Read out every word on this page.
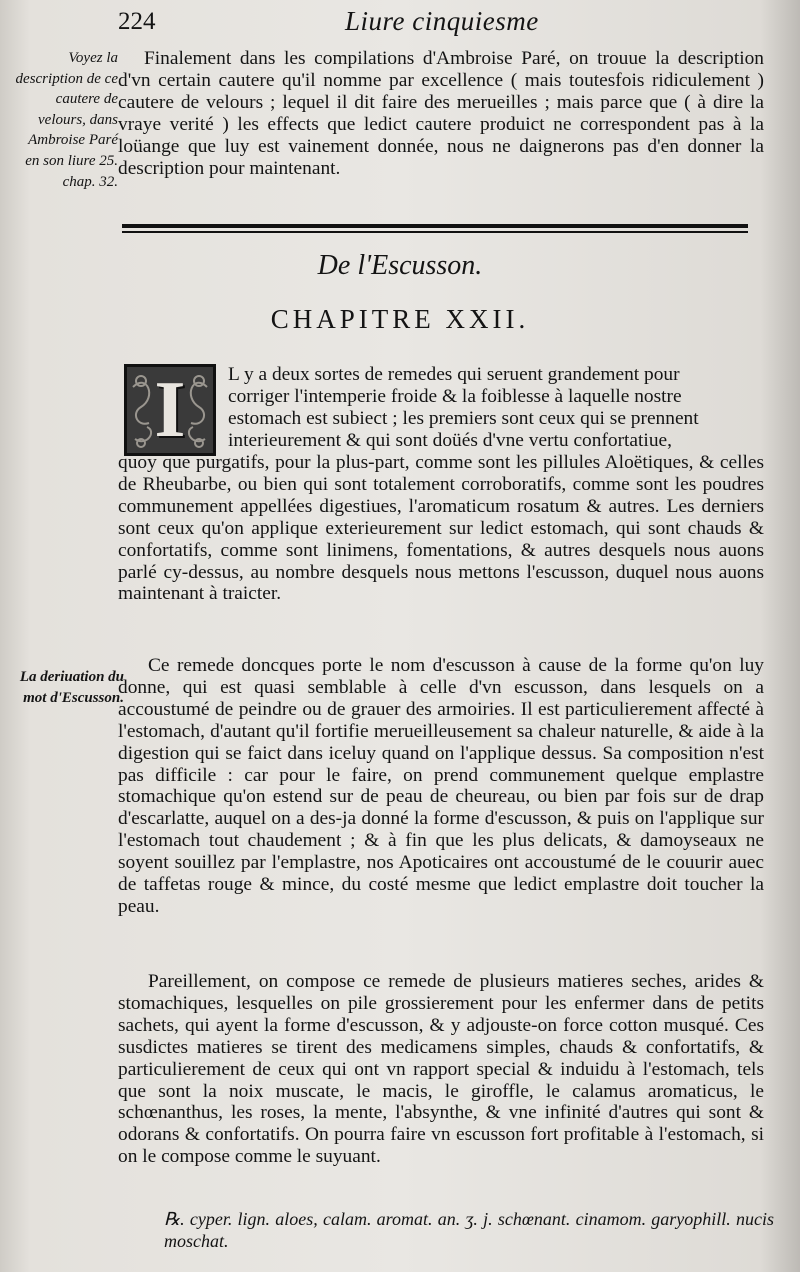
224	Liure cinquiesme
Voyez la description de ce cautere de velours, dans Ambroise Paré en son liure 25. chap. 32.
La deriuation du mot d'Escusson.
Finalement dans les compilations d'Ambroise Paré, on trouue la description d'vn certain cautere qu'il nomme par excellence ( mais toutesfois ridiculement ) cautere de velours ; lequel il dit faire des merueilles ; mais parce que ( à dire la vraye verité ) les effects que ledict cautere produict ne correspondent pas à la loüange que luy est vainement donnée, nous ne daignerons pas d'en donner la description pour maintenant.
De l'Escusson.
CHAPITRE XXII.
I L y a deux sortes de remedes qui seruent grandement pour
corriger l'intemperie froide & la foiblesse à laquelle nostre
estomach est subiect ; les premiers sont ceux qui se prennent
interieurement & qui sont doüés d'vne vertu confortatiue,
quoy que purgatifs, pour la plus-part, comme sont les pillules Aloëtiques, & celles de Rheubarbe, ou bien qui sont totalement corroboratifs, comme sont les poudres communement appellées digestiues, l'aromaticum rosatum & autres. Les derniers sont ceux qu'on applique exterieurement sur ledict estomach, qui sont chauds & confortatifs, comme sont linimens, fomentations, & autres desquels nous auons parlé cy-dessus, au nombre desquels nous mettons l'escusson, duquel nous auons maintenant à traicter.
Ce remede doncques porte le nom d'escusson à cause de la forme qu'on luy donne, qui est quasi semblable à celle d'vn escusson, dans lesquels on a accoustumé de peindre ou de grauer des armoiries. Il est particulierement affecté à l'estomach, d'autant qu'il fortifie merueilleusement sa chaleur naturelle, & aide à la digestion qui se faict dans iceluy quand on l'applique dessus. Sa composition n'est pas difficile : car pour le faire, on prend communement quelque emplastre stomachique qu'on estend sur de peau de cheureau, ou bien par fois sur de drap d'escarlatte, auquel on a des-ja donné la forme d'escusson, & puis on l'applique sur l'estomach tout chaudement ; & à fin que les plus delicats, & damoyseaux ne soyent souillez par l'emplastre, nos Apoticaires ont accoustumé de le couurir auec de taffetas rouge & mince, du costé mesme que ledict emplastre doit toucher la peau.
Pareillement, on compose ce remede de plusieurs matieres seches, arides & stomachiques, lesquelles on pile grossierement pour les enfermer dans de petits sachets, qui ayent la forme d'escusson, & y adjouste-on force cotton musqué. Ces susdictes matieres se tirent des medicamens simples, chauds & confortatifs, & particulierement de ceux qui ont vn rapport special & induidu à l'estomach, tels que sont la noix muscate, le macis, le giroffle, le calamus aromaticus, le schœnanthus, les roses, la mente, l'absynthe, & vne infinité d'autres qui sont & odorans & confortatifs. On pourra faire vn escusson fort profitable à l'estomach, si on le compose comme le suyuant.
℞. cyper. lign. aloes, calam. aromat. an. ʒ. j. schœnant. cinamom. garyophill. nucis moschat.
